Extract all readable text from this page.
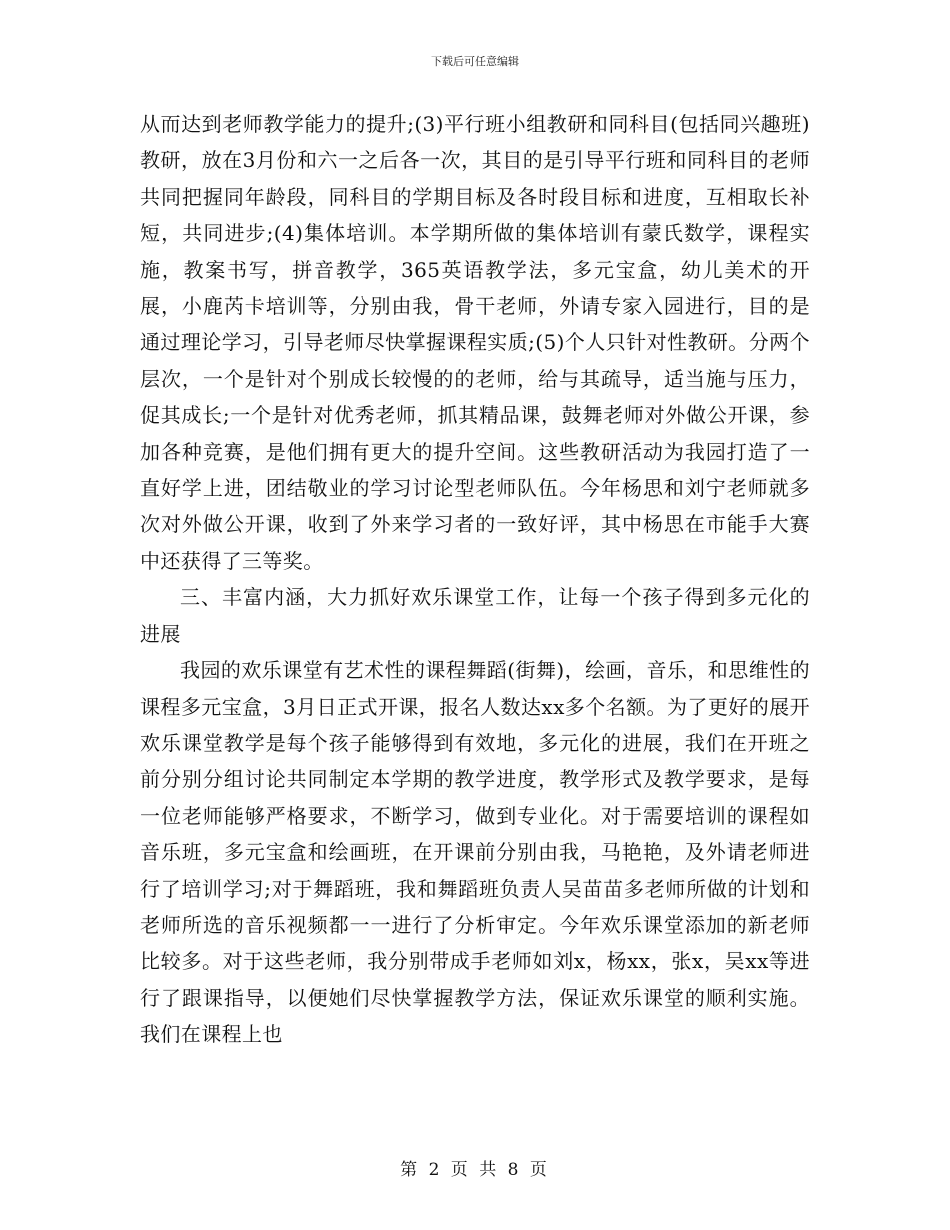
下载后可任意编辑

从而达到老师教学能力的提升;(3)平行班小组教研和同科目(包括同兴趣班)教研，放在3月份和六一之后各一次，其目的是引导平行班和同科目的老师共同把握同年龄段，同科目的学期目标及各时段目标和进度，互相取长补短，共同进步;(4)集体培训。本学期所做的集体培训有蒙氏数学，课程实施，教案书写，拼音教学，365英语教学法，多元宝盒，幼儿美术的开展，小鹿芮卡培训等，分别由我，骨干老师，外请专家入园进行，目的是通过理论学习，引导老师尽快掌握课程实质;(5)个人只针对性教研。分两个层次，一个是针对个别成长较慢的的老师，给与其疏导，适当施与压力，促其成长;一个是针对优秀老师，抓其精品课，鼓舞老师对外做公开课，参加各种竞赛，是他们拥有更大的提升空间。这些教研活动为我园打造了一直好学上进，团结敬业的学习讨论型老师队伍。今年杨思和刘宁老师就多次对外做公开课，收到了外来学习者的一致好评，其中杨思在市能手大赛中还获得了三等奖。

三、丰富内涵，大力抓好欢乐课堂工作，让每一个孩子得到多元化的进展

我园的欢乐课堂有艺术性的课程舞蹈(街舞)，绘画，音乐，和思维性的课程多元宝盒，3月日正式开课，报名人数达xx多个名额。为了更好的展开欢乐课堂教学是每个孩子能够得到有效地，多元化的进展，我们在开班之前分别分组讨论共同制定本学期的教学进度，教学形式及教学要求，是每一位老师能够严格要求，不断学习，做到专业化。对于需要培训的课程如音乐班，多元宝盒和绘画班，在开课前分别由我，马艳艳，及外请老师进行了培训学习;对于舞蹈班，我和舞蹈班负责人吴苗苗多老师所做的计划和老师所选的音乐视频都一一进行了分析审定。今年欢乐课堂添加的新老师比较多。对于这些老师，我分别带成手老师如刘x，杨xx，张x，吴xx等进行了跟课指导，以便她们尽快掌握教学方法，保证欢乐课堂的顺利实施。我们在课程上也

第 2 页 共 8 页
